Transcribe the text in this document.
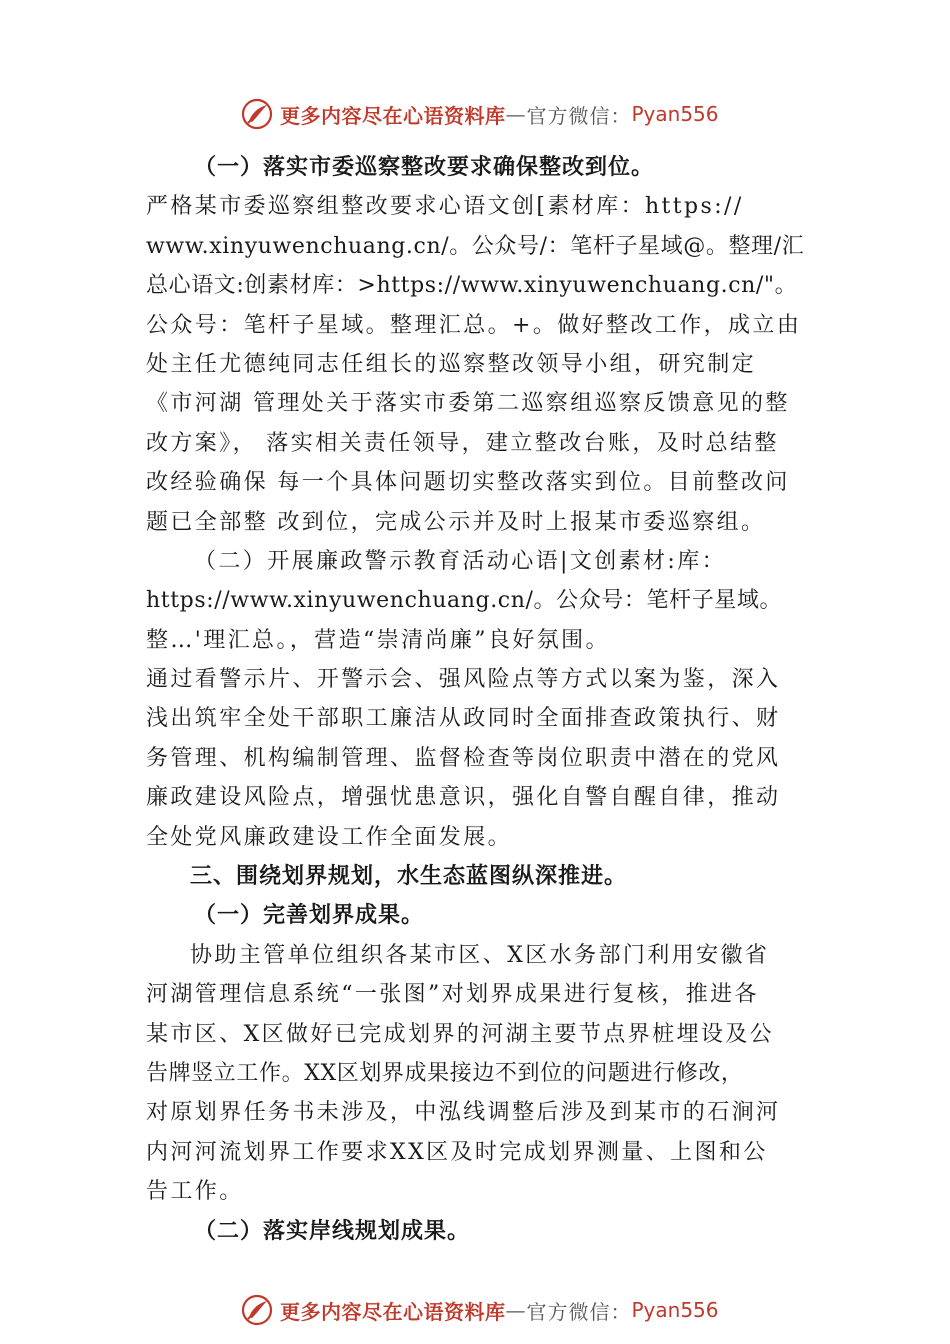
更多内容尽在心语资料库 — 官方微信： Pyan556
（一）落实市委巡察整改要求确保整改到位。
严格某市委巡察组整改要求心语文创[素材库：https://
www.xinyuwenchuang.cn/。公众号/：笔杆子星域@。整理/汇
总心语文:创素材库：>https://www.xinyuwenchuang.cn/"。
公众号：笔杆子星域。整理汇总。+。做好整改工作，成立由
处主任尤德纯同志任组长的巡察整改领导小组，研究制定
《市河湖 管理处关于落实市委第二巡察组巡察反馈意见的整
改方案》， 落实相关责任领导，建立整改台账，及时总结整
改经验确保 每一个具体问题切实整改落实到位。目前整改问
题已全部整 改到位，完成公示并及时上报某市委巡察组。
（二）开展廉政警示教育活动心语|文创素材:库：
https://www.xinyuwenchuang.cn/。公众号：笔杆子星域。
整…'理汇总。，营造“崇清尚廉”良好氛围。
通过看警示片、开警示会、强风险点等方式以案为鉴，深入
浅出筑牢全处干部职工廉洁从政同时全面排查政策执行、财
务管理、机构编制管理、监督检查等岗位职责中潜在的党风
廉政建设风险点，增强忧患意识，强化自警自醒自律，推动
全处党风廉政建设工作全面发展。
三、围绕划界规划，水生态蓝图纵深推进。
（一）完善划界成果。
协助主管单位组织各某市区、X区水务部门利用安徽省
河湖管理信息系统“一张图”对划界成果进行复核，推进各
某市区、X区做好已完成划界的河湖主要节点界桩埋设及公
告牌竖立工作。XX区划界成果接边不到位的问题进行修改，
对原划界任务书未涉及，中泓线调整后涉及到某市的石涧河
内河河流划界工作要求XX区及时完成划界测量、上图和公
告工作。
（二）落实岸线规划成果。
更多内容尽在心语资料库 — 官方微信： Pyan556
